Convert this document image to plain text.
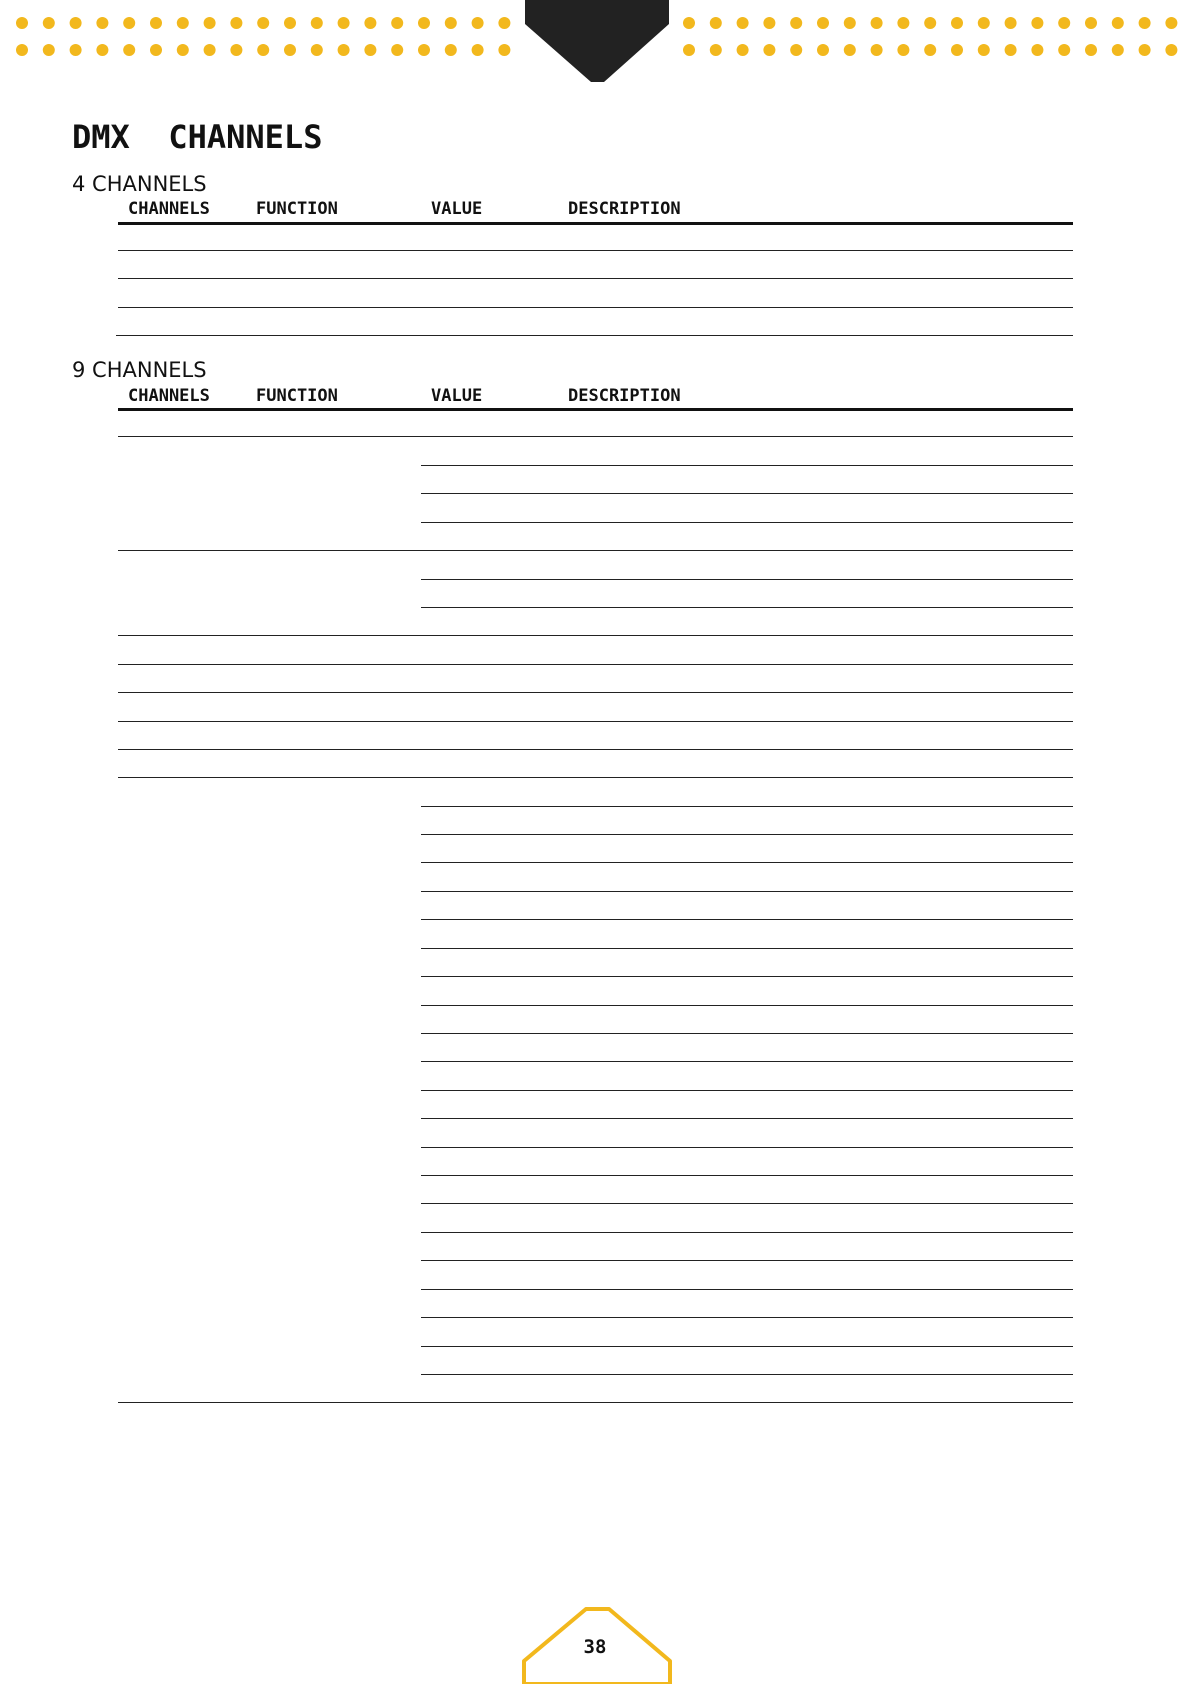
DMX  CHANNELS
4 CHANNELS
CHANNELS	FUNCTION	VALUE	DESCRIPTION
9 CHANNELS
CHANNELS	FUNCTION	VALUE	DESCRIPTION
38
